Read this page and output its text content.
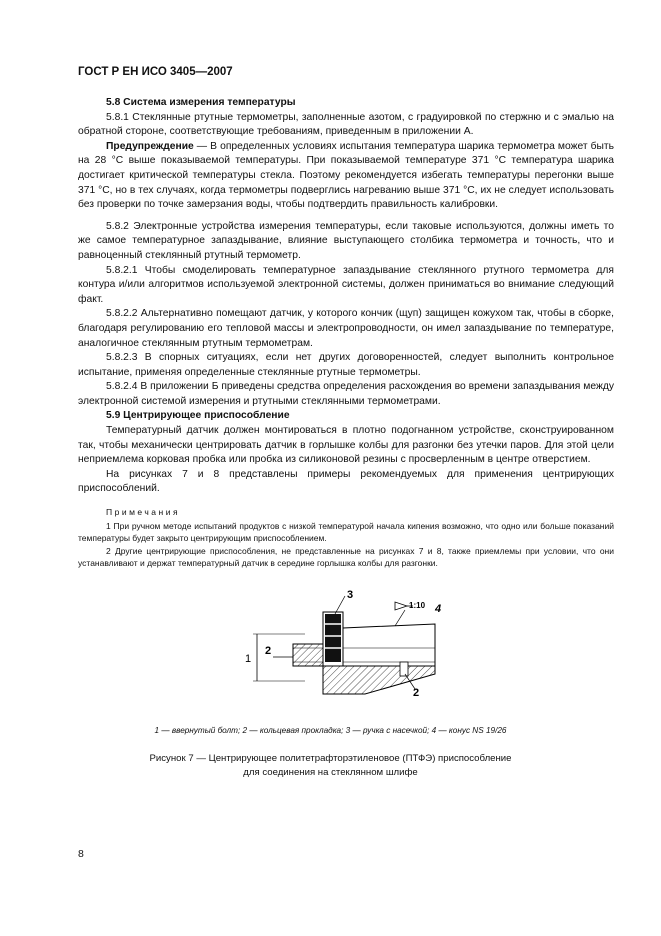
ГОСТ Р ЕН ИСО 3405—2007

5.8 Система измерения температуры

5.8.1 Стеклянные ртутные термометры, заполненные азотом, с градуировкой по стержню и с эмалью на обратной стороне, соответствующие требованиям, приведенным в приложении А.

Предупреждение — В определенных условиях испытания температура шарика термометра может быть на 28 °С выше показываемой температуры. При показываемой температуре 371 °С температура шарика достигает критической температуры стекла. Поэтому рекомендуется избегать температуры перегонки выше 371 °С, но в тех случаях, когда термометры подверглись нагреванию выше 371 °С, их не следует использовать без проверки по точке замерзания воды, чтобы подтвердить правильность калибровки.

5.8.2 Электронные устройства измерения температуры, если таковые используются, должны иметь то же самое температурное запаздывание, влияние выступающего столбика термометра и точность, что и равноценный стеклянный ртутный термометр.

5.8.2.1 Чтобы смоделировать температурное запаздывание стеклянного ртутного термометра для контура и/или алгоритмов используемой электронной системы, должен приниматься во внимание следующий факт.

5.8.2.2 Альтернативно помещают датчик, у которого кончик (щуп) защищен кожухом так, чтобы в сборке, благодаря регулированию его тепловой массы и электропроводности, он имел запаздывание по температуре, аналогичное стеклянным ртутным термометрам.

5.8.2.3 В спорных ситуациях, если нет других договоренностей, следует выполнить контрольное испытание, применяя определенные стеклянные ртутные термометры.

5.8.2.4 В приложении Б приведены средства определения расхождения во времени запаздывания между электронной системой измерения и ртутными стеклянными термометрами.

5.9 Центрирующее приспособление

Температурный датчик должен монтироваться в плотно подогнанном устройстве, сконструированном так, чтобы механически центрировать датчик в горлышке колбы для разгонки без утечки паров. Для этой цели неприемлема корковая пробка или пробка из силиконовой резины с просверленным в центре отверстием.

На рисунках 7 и 8 представлены примеры рекомендуемых для применения центрирующих приспособлений.

Примечания

1 При ручном методе испытаний продуктов с низкой температурой начала кипения возможно, что одно или больше показаний температуры будет закрыто центрирующим приспособлением.

2 Другие центрирующие приспособления, не представленные на рисунках 7 и 8, также приемлемы при условии, что они устанавливают и держат температурный датчик в середине горлышка колбы для разгонки.

1
2
3
4
2
1:10
1 — ввернутый болт; 2 — кольцевая прокладка; 3 — ручка с насечкой; 4 — конус NS 19/26
Рисунок 7 — Центрирующее политетрафторэтиленовое (ПТФЭ) приспособление
для соединения на стеклянном шлифе
8
